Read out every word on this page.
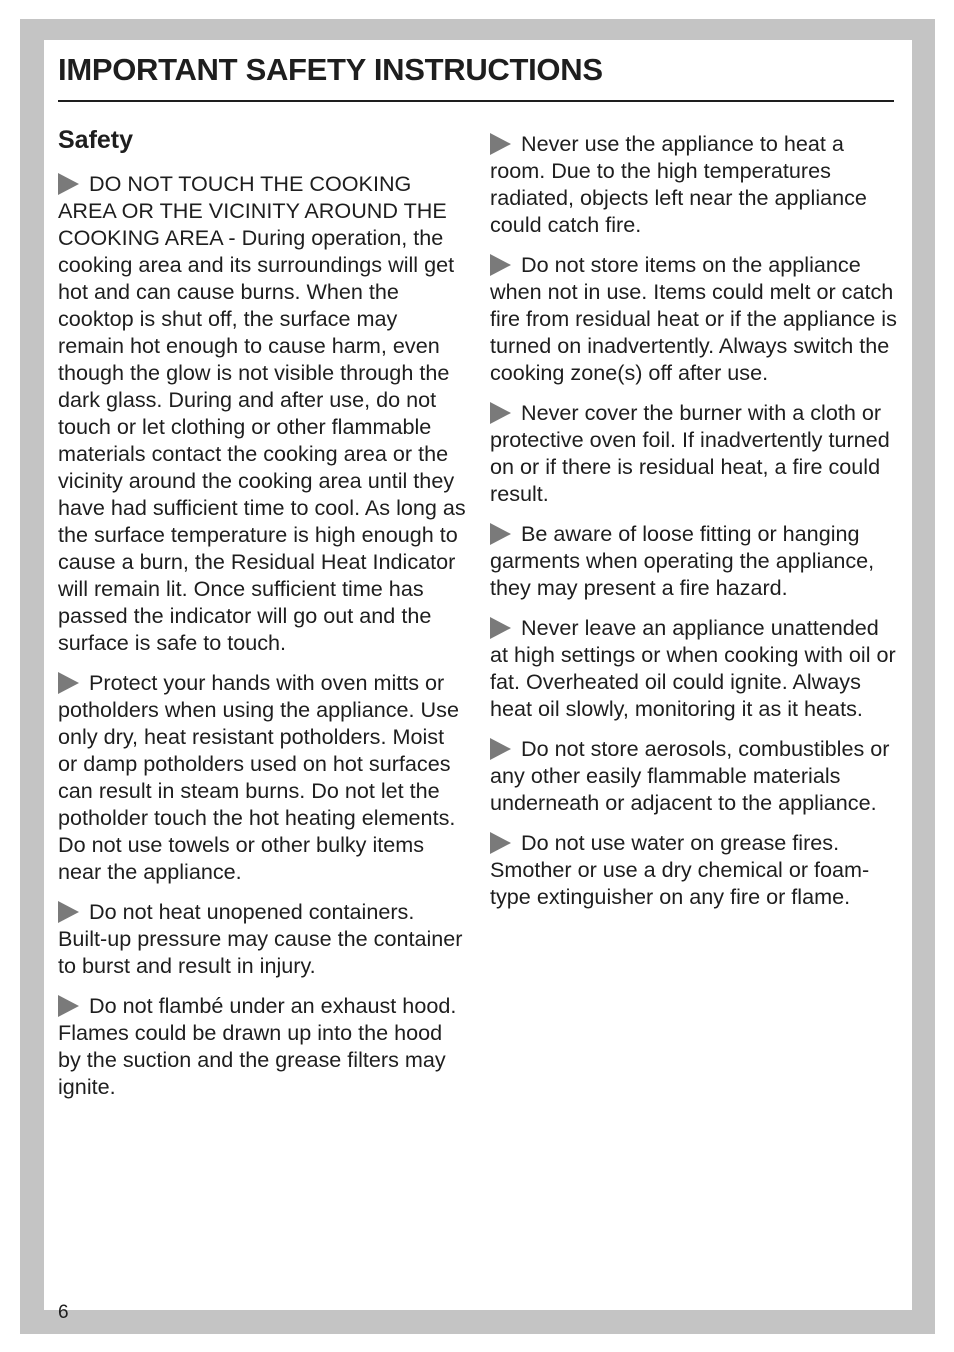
IMPORTANT SAFETY INSTRUCTIONS
Safety

DO NOT TOUCH THE COOKING AREA OR THE VICINITY AROUND THE COOKING AREA - During operation, the cooking area and its surroundings will get hot and can cause burns. When the cooktop is shut off, the surface may remain hot enough to cause harm, even though the glow is not visible through the dark glass. During and after use, do not touch or let clothing or other flammable materials contact the cooking area or the vicinity around the cooking area until they have had sufficient time to cool. As long as the surface temperature is high enough to cause a burn, the Residual Heat Indicator will remain lit. Once sufficient time has passed the indicator will go out and the surface is safe to touch.

Protect your hands with oven mitts or potholders when using the appliance. Use only dry, heat resistant potholders. Moist or damp potholders used on hot surfaces can result in steam burns. Do not let the potholder touch the hot heating elements. Do not use towels or other bulky items near the appliance.

Do not heat unopened containers. Built-up pressure may cause the container to burst and result in injury.

Do not flambé under an exhaust hood. Flames could be drawn up into the hood by the suction and the grease filters may ignite.

Never use the appliance to heat a room. Due to the high temperatures radiated, objects left near the appliance could catch fire.

Do not store items on the appliance when not in use. Items could melt or catch fire from residual heat or if the appliance is turned on inadvertently. Always switch the cooking zone(s) off after use.

Never cover the burner with a cloth or protective oven foil. If inadvertently turned on or if there is residual heat, a fire could result.

Be aware of loose fitting or hanging garments when operating the appliance, they may present a fire hazard.

Never leave an appliance unattended at high settings or when cooking with oil or fat. Overheated oil could ignite. Always heat oil slowly, monitoring it as it heats.

Do not store aerosols, combustibles or any other easily flammable materials underneath or adjacent to the appliance.

Do not use water on grease fires. Smother or use a dry chemical or foam-type extinguisher on any fire or flame.

6
